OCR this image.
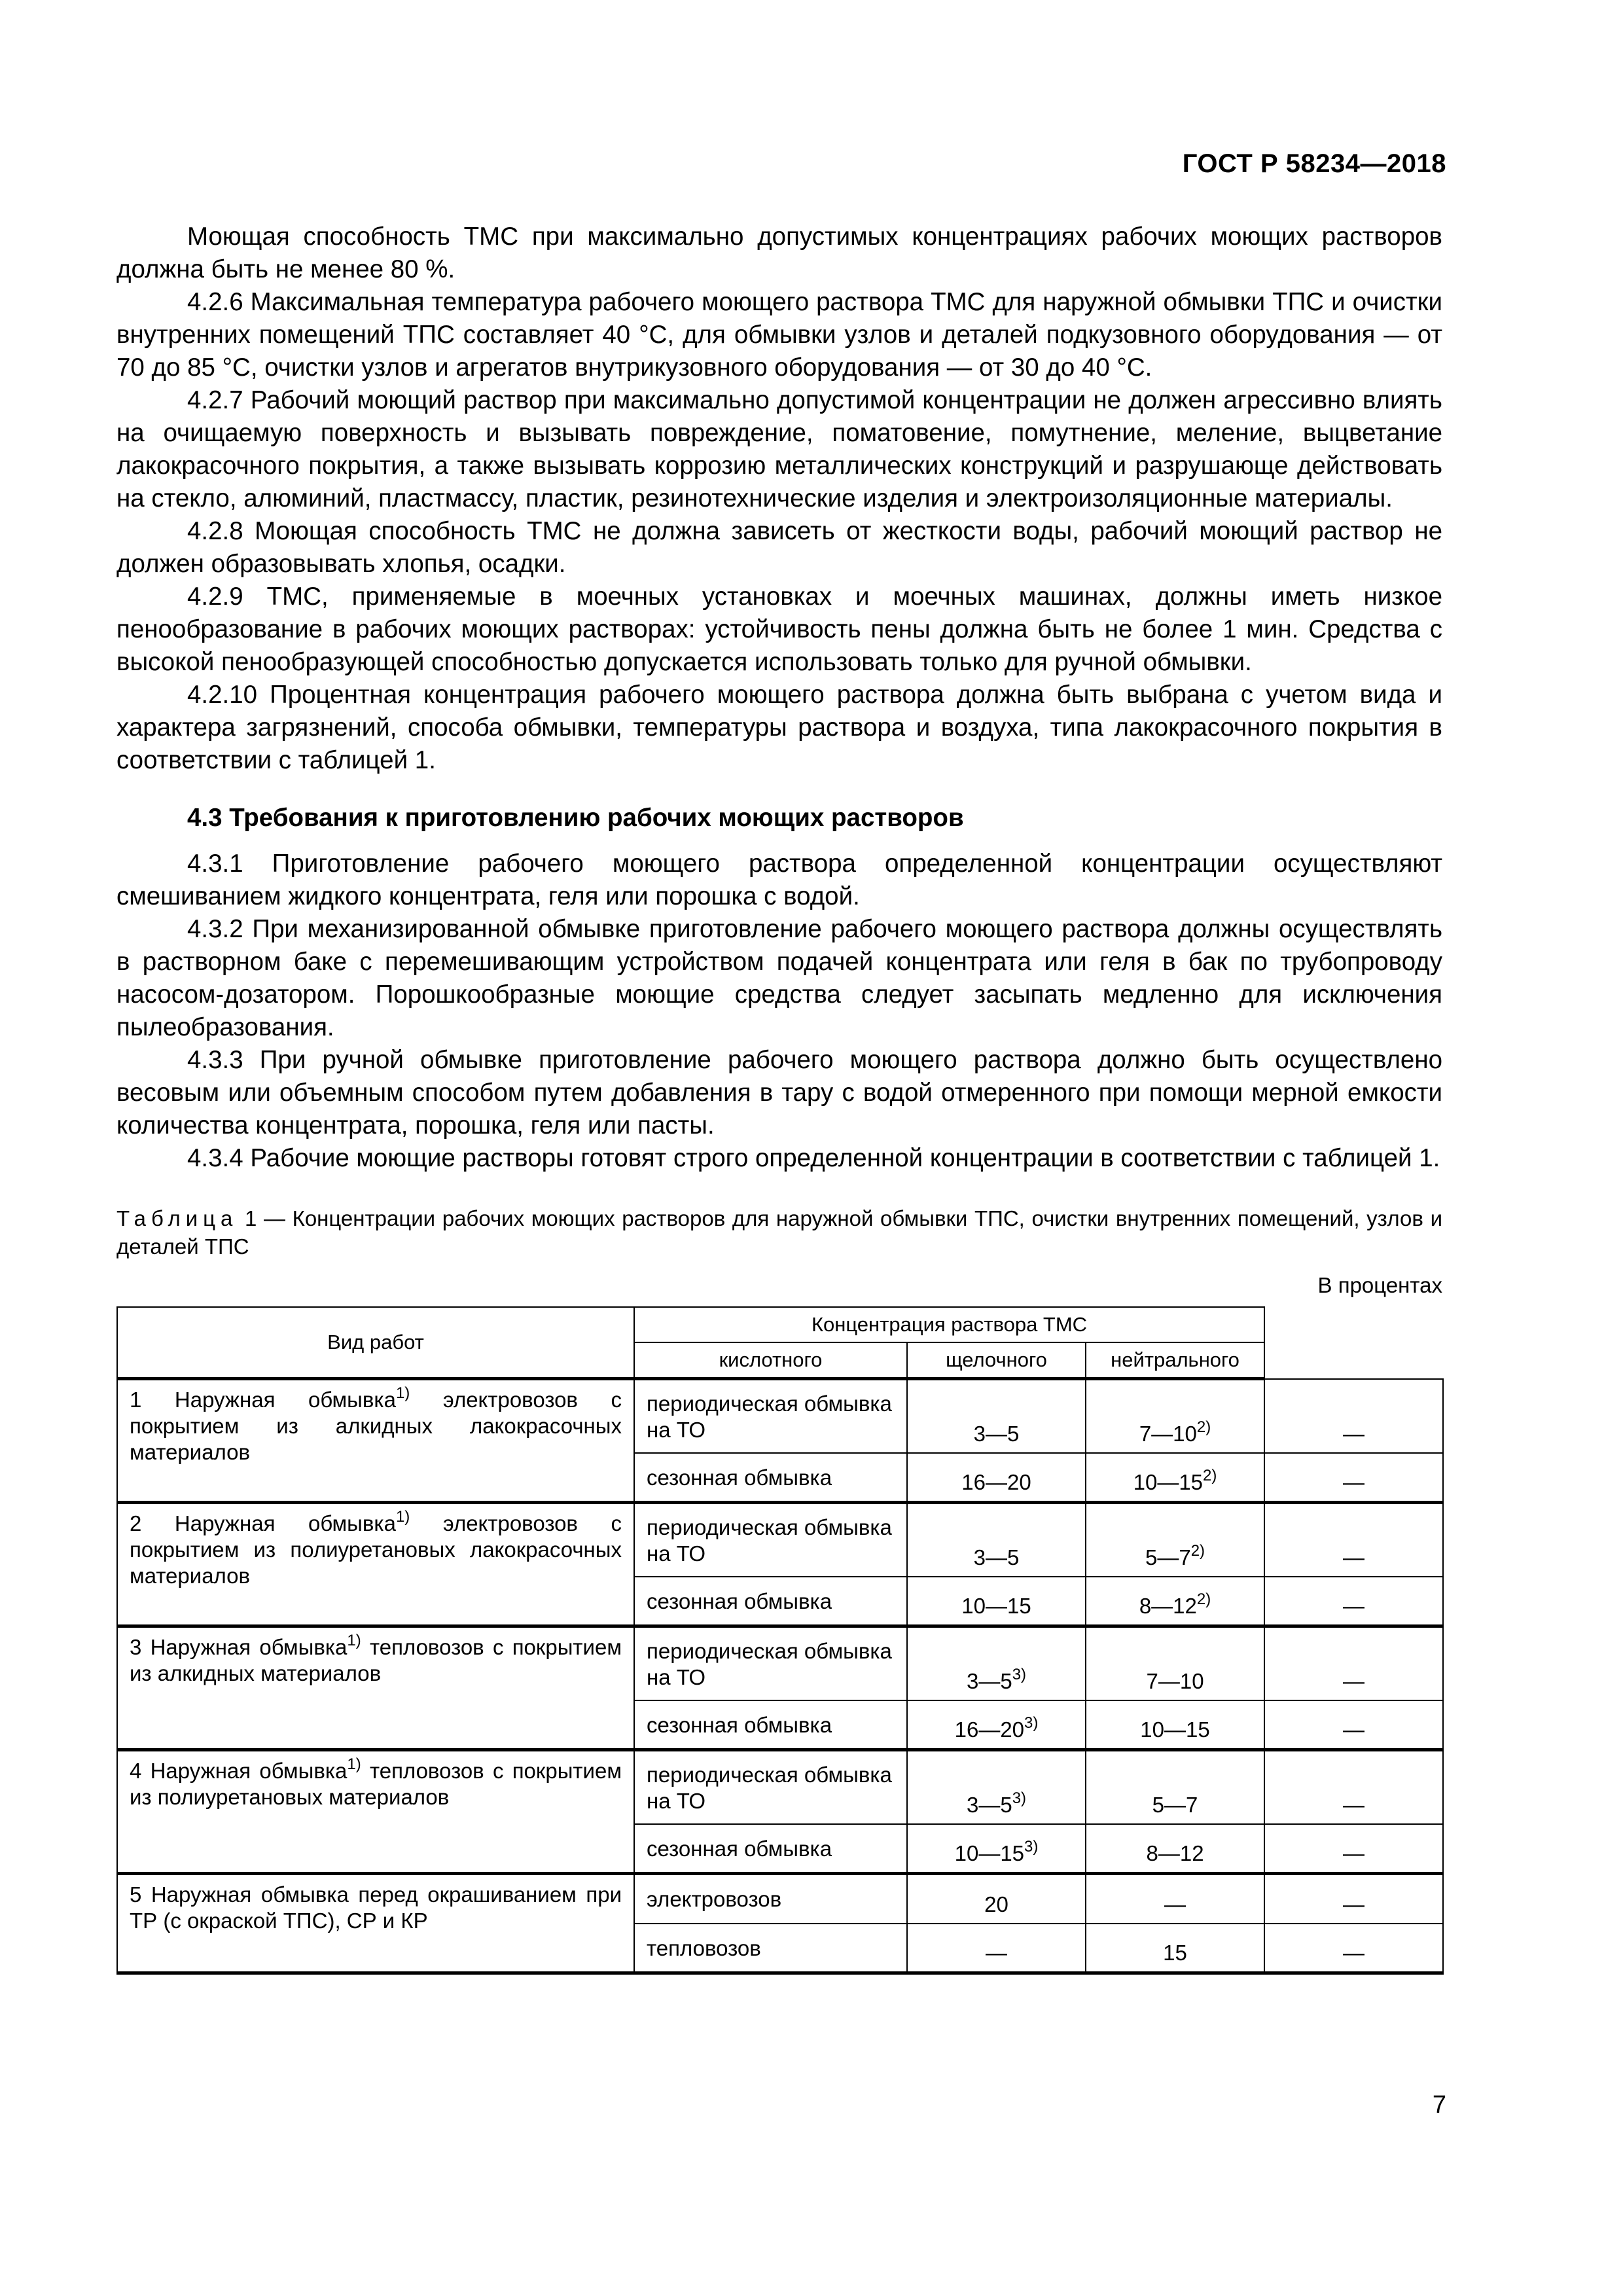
ГОСТ Р 58234—2018

Моющая способность ТМС при максимально допустимых концентрациях рабочих моющих растворов должна быть не менее 80 %.

4.2.6 Максимальная температура рабочего моющего раствора ТМС для наружной обмывки ТПС и очистки внутренних помещений ТПС составляет 40 °C, для обмывки узлов и деталей подкузовного оборудования — от 70 до 85 °C, очистки узлов и агрегатов внутрикузовного оборудования — от 30 до 40 °C.

4.2.7 Рабочий моющий раствор при максимально допустимой концентрации не должен агрессивно влиять на очищаемую поверхность и вызывать повреждение, поматовение, помутнение, меление, выцветание лакокрасочного покрытия, а также вызывать коррозию металлических конструкций и разрушающе действовать на стекло, алюминий, пластмассу, пластик, резинотехнические изделия и электроизоляционные материалы.

4.2.8 Моющая способность ТМС не должна зависеть от жесткости воды, рабочий моющий раствор не должен образовывать хлопья, осадки.

4.2.9 ТМС, применяемые в моечных установках и моечных машинах, должны иметь низкое пенообразование в рабочих моющих растворах: устойчивость пены должна быть не более 1 мин. Средства с высокой пенообразующей способностью допускается использовать только для ручной обмывки.

4.2.10 Процентная концентрация рабочего моющего раствора должна быть выбрана с учетом вида и характера загрязнений, способа обмывки, температуры раствора и воздуха, типа лакокрасочного покрытия в соответствии с таблицей 1.

4.3 Требования к приготовлению рабочих моющих растворов

4.3.1 Приготовление рабочего моющего раствора определенной концентрации осуществляют смешиванием жидкого концентрата, геля или порошка с водой.

4.3.2 При механизированной обмывке приготовление рабочего моющего раствора должны осуществлять в растворном баке с перемешивающим устройством подачей концентрата или геля в бак по трубопроводу насосом-дозатором. Порошкообразные моющие средства следует засыпать медленно для исключения пылеобразования.

4.3.3 При ручной обмывке приготовление рабочего моющего раствора должно быть осуществлено весовым или объемным способом путем добавления в тару с водой отмеренного при помощи мерной емкости количества концентрата, порошка, геля или пасты.

4.3.4 Рабочие моющие растворы готовят строго определенной концентрации в соответствии с таблицей 1.

Таблица 1 — Концентрации рабочих моющих растворов для наружной обмывки ТПС, очистки внутренних помещений, узлов и деталей ТПС

В процентах
Вид работ	Концентрация раствора ТМС			
	кислотного	щелочного	нейтрального	
1 Наружная обмывка$^{1)}$ электровозов с покрытием из алкидных лакокрасочных материалов	периодическая обмывка на ТО	3—5	7—10$^{2)}$	—
	сезонная обмывка	16—20	10—15$^{2)}$	—
2 Наружная обмывка$^{1)}$ электровозов с покрытием из полиуретановых лакокрасочных материалов	периодическая обмывка на ТО	3—5	5—7$^{2)}$	—
	сезонная обмывка	10—15	8—12$^{2)}$	—
3 Наружная обмывка$^{1)}$ тепловозов с покрытием из алкидных материалов	периодическая обмывка на ТО	3—5$^{3)}$	7—10	—
	сезонная обмывка	16—20$^{3)}$	10—15	—
4 Наружная обмывка$^{1)}$ тепловозов с покрытием из полиуретановых материалов	периодическая обмывка на ТО	3—5$^{3)}$	5—7	—
	сезонная обмывка	10—15$^{3)}$	8—12	—
5 Наружная обмывка перед окрашиванием при ТР (с окраской ТПС), СР и КР	электровозов	20	—	—
	тепловозов	—	15	—
7
